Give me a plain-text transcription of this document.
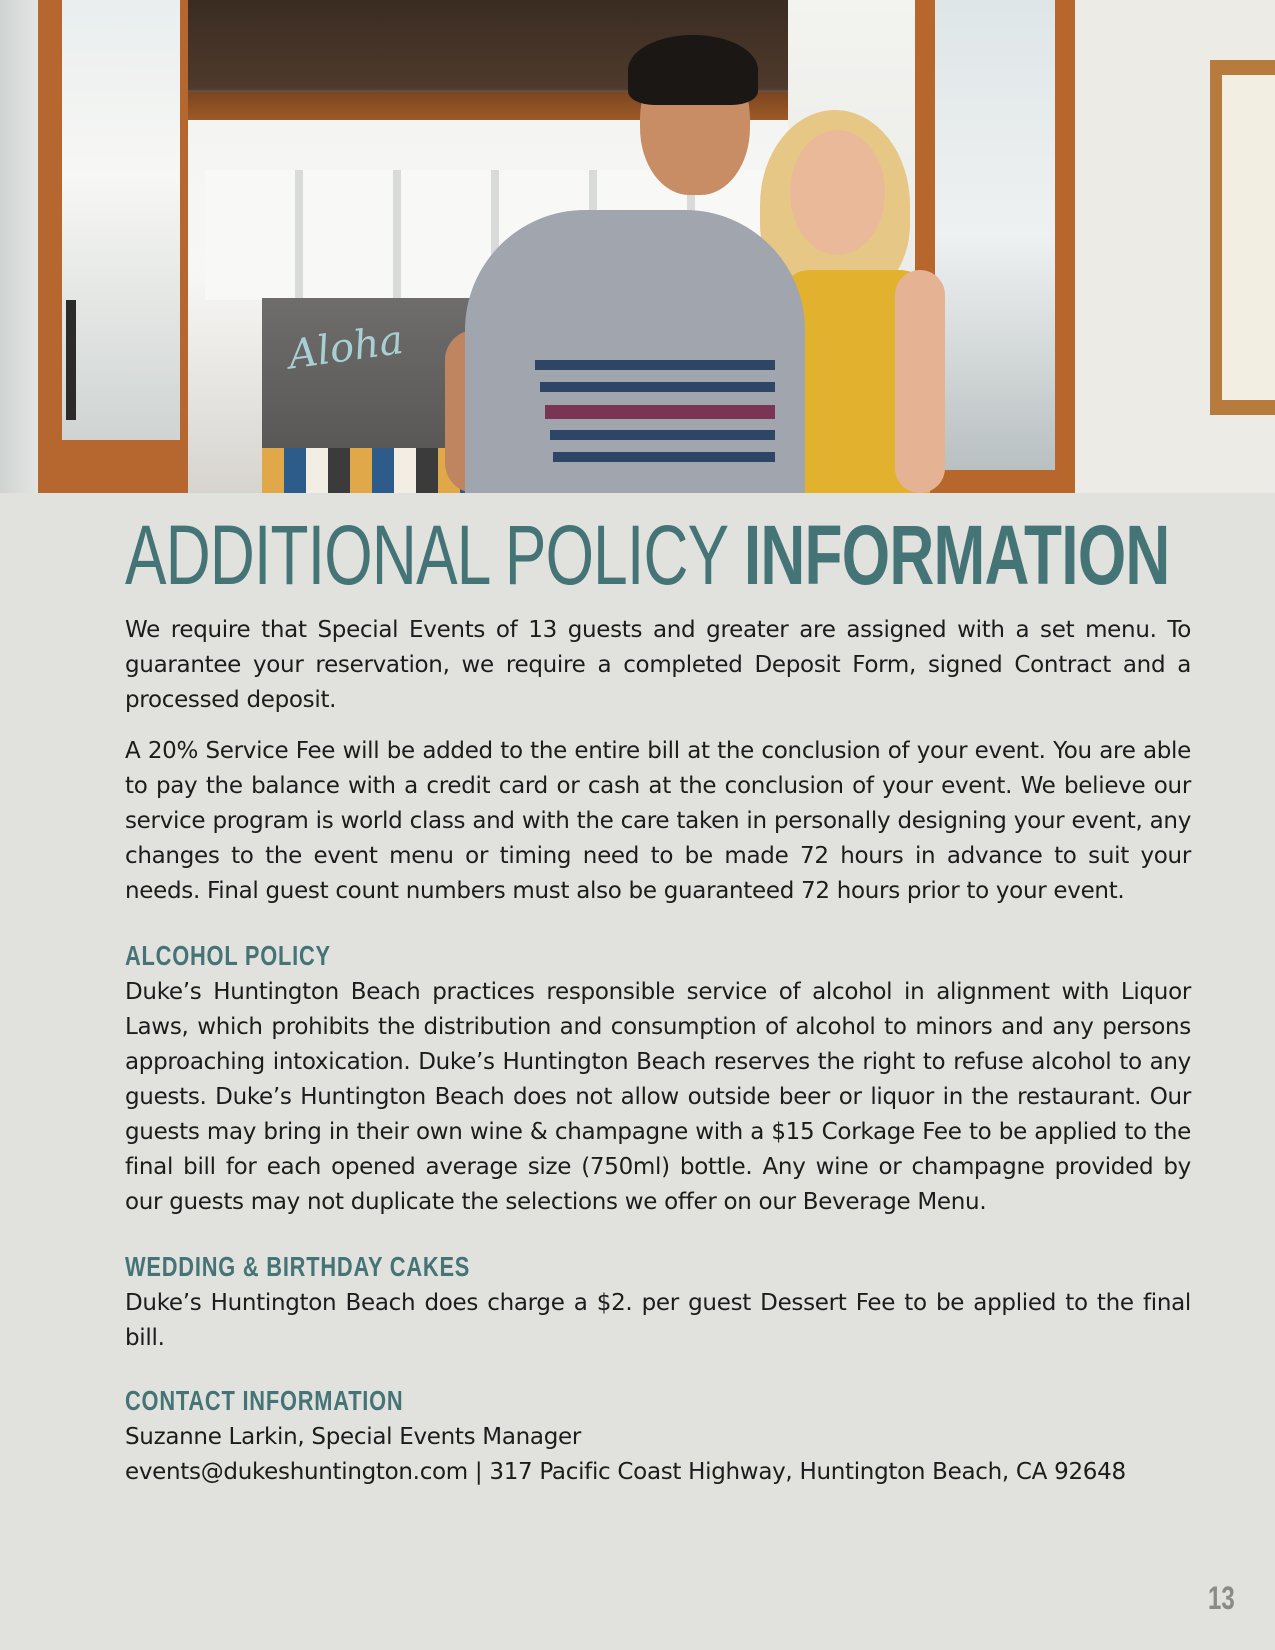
Aloha
ADDITIONAL POLICY INFORMATION

We require that Special Events of 13 guests and greater are assigned with a set menu. To guarantee your reservation, we require a completed Deposit Form, signed Contract and a processed deposit.

A 20% Service Fee will be added to the entire bill at the conclusion of your event. You are able to pay the balance with a credit card or cash at the conclusion of your event. We believe our service program is world class and with the care taken in personally designing your event, any changes to the event menu or timing need to be made 72 hours in advance to suit your needs. Final guest count numbers must also be guaranteed 72 hours prior to your event.

ALCOHOL POLICY

Duke’s Huntington Beach practices responsible service of alcohol in alignment with Liquor Laws, which prohibits the distribution and consumption of alcohol to minors and any persons approaching intoxication. Duke’s Huntington Beach reserves the right to refuse alcohol to any guests. Duke’s Huntington Beach does not allow outside beer or liquor in the restaurant. Our guests may bring in their own wine & champagne with a $15 Corkage Fee to be applied to the final bill for each opened average size (750ml) bottle. Any wine or champagne provided by our guests may not duplicate the selections we offer on our Beverage Menu.

WEDDING & BIRTHDAY CAKES

Duke’s Huntington Beach does charge a $2. per guest Dessert Fee to be applied to the final bill.

CONTACT INFORMATION
Suzanne Larkin, Special Events Manager
events@dukeshuntington.com | 317 Pacific Coast Highway, Huntington Beach, CA 92648
13
